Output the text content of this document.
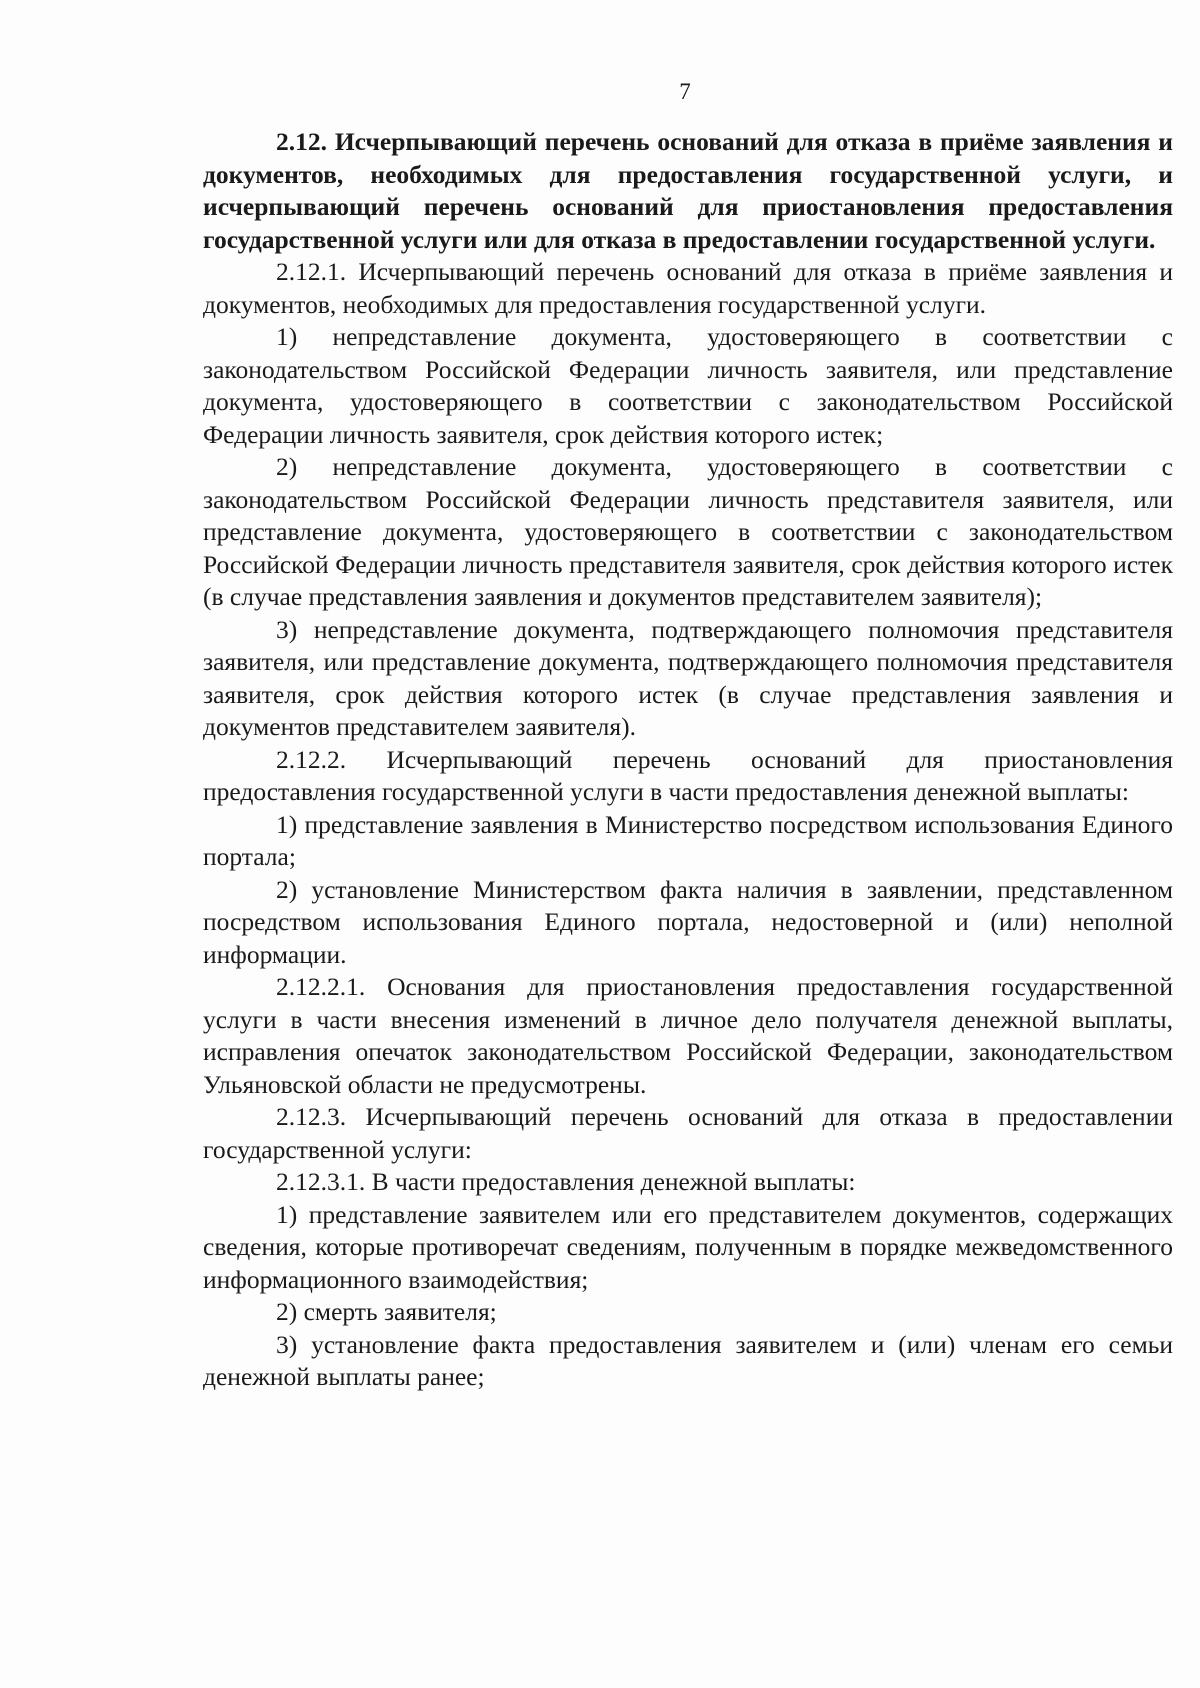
7

2.12. Исчерпывающий перечень оснований для отказа в приёме заявления и документов, необходимых для предоставления государственной услуги, и исчерпывающий перечень оснований для приостановления предоставления государственной услуги или для отказа в предоставлении государственной услуги.

2.12.1. Исчерпывающий перечень оснований для отказа в приёме заявления и документов, необходимых для предоставления государственной услуги.

1) непредставление документа, удостоверяющего в соответствии с законодательством Российской Федерации личность заявителя, или представление документа, удостоверяющего в соответствии с законодательством Российской Федерации личность заявителя, срок действия которого истек;

2) непредставление документа, удостоверяющего в соответствии с законодательством Российской Федерации личность представителя заявителя, или представление документа, удостоверяющего в соответствии с законодательством Российской Федерации личность представителя заявителя, срок действия которого истек (в случае представления заявления и документов представителем заявителя);

3) непредставление документа, подтверждающего полномочия представителя заявителя, или представление документа, подтверждающего полномочия представителя заявителя, срок действия которого истек (в случае представления заявления и документов представителем заявителя).

2.12.2. Исчерпывающий перечень оснований для приостановления предоставления государственной услуги в части предоставления денежной выплаты:

1) представление заявления в Министерство посредством использования Единого портала;

2) установление Министерством факта наличия в заявлении, представленном посредством использования Единого портала, недостоверной и (или) неполной информации.

2.12.2.1. Основания для приостановления предоставления государственной услуги в части внесения изменений в личное дело получателя денежной выплаты, исправления опечаток законодательством Российской Федерации, законодательством Ульяновской области не предусмотрены.

2.12.3. Исчерпывающий перечень оснований для отказа в предоставлении государственной услуги:

2.12.3.1. В части предоставления денежной выплаты:

1) представление заявителем или его представителем документов, содержащих сведения, которые противоречат сведениям, полученным в порядке межведомственного информационного взаимодействия;

2) смерть заявителя;

3) установление факта предоставления заявителем и (или) членам его семьи денежной выплаты ранее;
